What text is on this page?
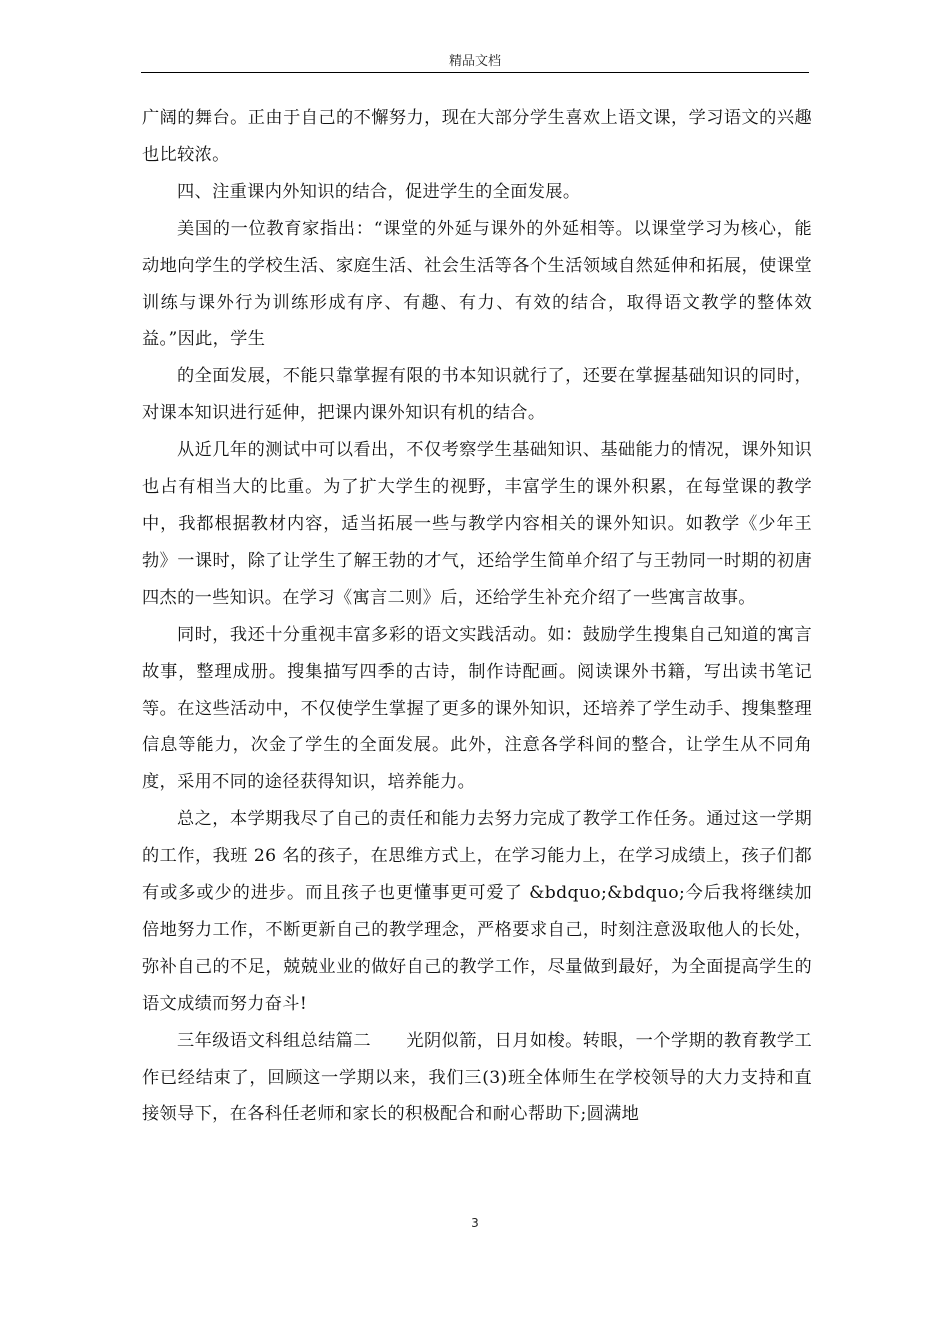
精品文档

广阔的舞台。正由于自己的不懈努力，现在大部分学生喜欢上语文课，学习语文的兴趣也比较浓。

四、注重课内外知识的结合，促进学生的全面发展。

美国的一位教育家指出：“课堂的外延与课外的外延相等。以课堂学习为核心，能动地向学生的学校生活、家庭生活、社会生活等各个生活领域自然延伸和拓展，使课堂训练与课外行为训练形成有序、有趣、有力、有效的结合，取得语文教学的整体效益。”因此，学生

的全面发展，不能只靠掌握有限的书本知识就行了，还要在掌握基础知识的同时，对课本知识进行延伸，把课内课外知识有机的结合。

从近几年的测试中可以看出，不仅考察学生基础知识、基础能力的情况，课外知识也占有相当大的比重。为了扩大学生的视野，丰富学生的课外积累，在每堂课的教学中，我都根据教材内容，适当拓展一些与教学内容相关的课外知识。如教学《少年王勃》一课时，除了让学生了解王勃的才气，还给学生简单介绍了与王勃同一时期的初唐四杰的一些知识。在学习《寓言二则》后，还给学生补充介绍了一些寓言故事。

同时，我还十分重视丰富多彩的语文实践活动。如：鼓励学生搜集自己知道的寓言故事，整理成册。搜集描写四季的古诗，制作诗配画。阅读课外书籍，写出读书笔记等。在这些活动中，不仅使学生掌握了更多的课外知识，还培养了学生动手、搜集整理信息等能力，次金了学生的全面发展。此外，注意各学科间的整合，让学生从不同角度，采用不同的途径获得知识，培养能力。

总之，本学期我尽了自己的责任和能力去努力完成了教学工作任务。通过这一学期的工作，我班 26 名的孩子，在思维方式上，在学习能力上，在学习成绩上，孩子们都有或多或少的进步。而且孩子也更懂事更可爱了 &bdquo;&bdquo;今后我将继续加倍地努力工作，不断更新自己的教学理念，严格要求自己，时刻注意汲取他人的长处，弥补自己的不足，兢兢业业的做好自己的教学工作，尽量做到最好，为全面提高学生的语文成绩而努力奋斗!

三年级语文科组总结篇二　　光阴似箭，日月如梭。转眼，一个学期的教育教学工作已经结束了，回顾这一学期以来，我们三(3)班全体师生在学校领导的大力支持和直接领导下，在各科任老师和家长的积极配合和耐心帮助下;圆满地

3
